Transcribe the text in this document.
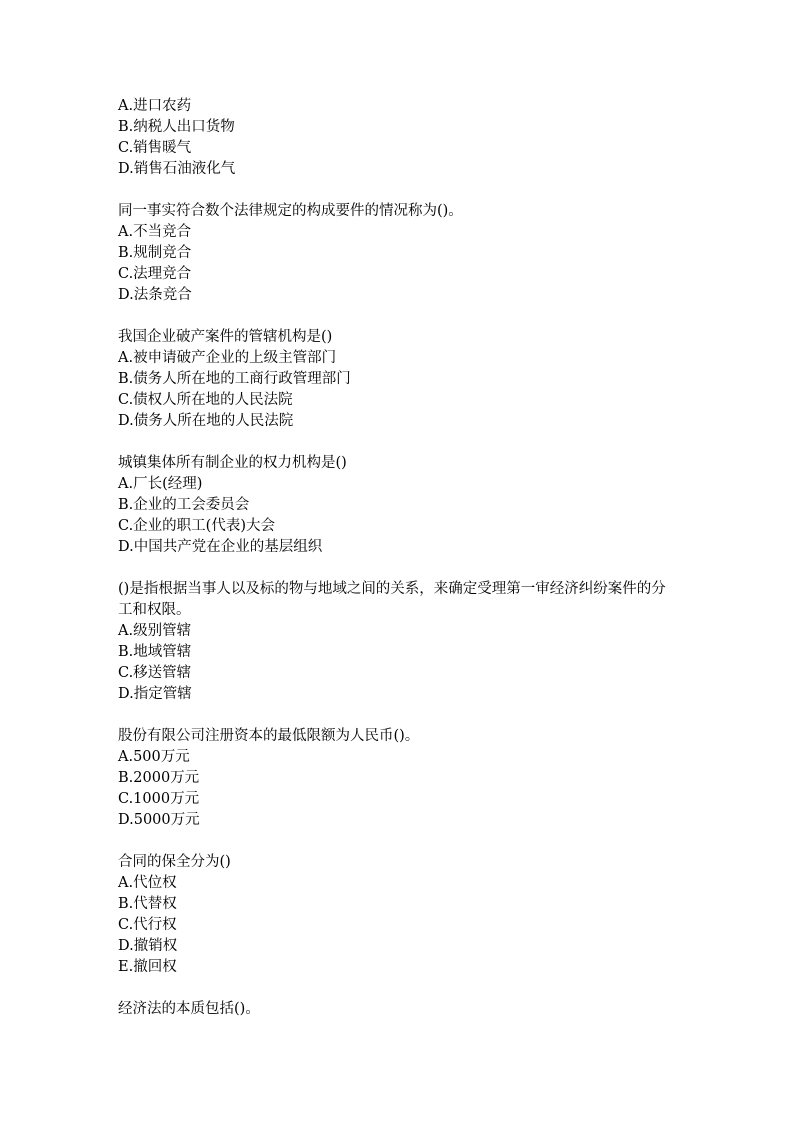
A.进口农药
B.纳税人出口货物
C.销售暖气
D.销售石油液化气
同一事实符合数个法律规定的构成要件的情况称为()。
A.不当竞合
B.规制竞合
C.法理竞合
D.法条竞合
我国企业破产案件的管辖机构是()
A.被申请破产企业的上级主管部门
B.债务人所在地的工商行政管理部门
C.债权人所在地的人民法院
D.债务人所在地的人民法院
城镇集体所有制企业的权力机构是()
A.厂长(经理)
B.企业的工会委员会
C.企业的职工(代表)大会
D.中国共产党在企业的基层组织
()是指根据当事人以及标的物与地域之间的关系，来确定受理第一审经济纠纷案件的分工和权限。
A.级别管辖
B.地域管辖
C.移送管辖
D.指定管辖
股份有限公司注册资本的最低限额为人民币()。
A.500万元
B.2000万元
C.1000万元
D.5000万元
合同的保全分为()
A.代位权
B.代替权
C.代行权
D.撤销权
E.撤回权
经济法的本质包括()。
